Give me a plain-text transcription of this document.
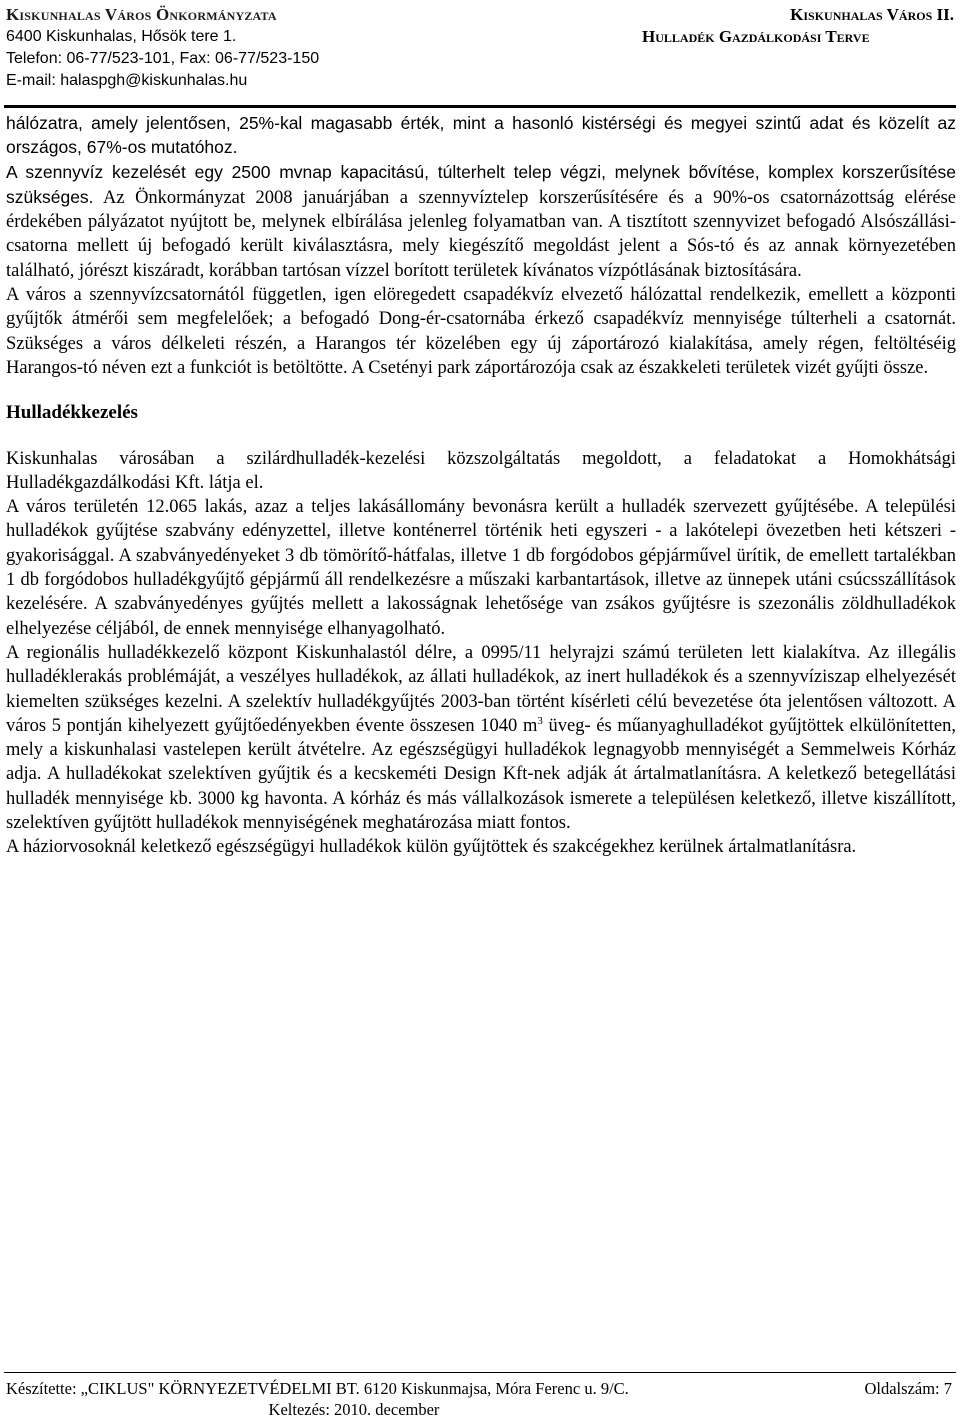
Kiskunhalas Város Önkormányzata
6400 Kiskunhalas, Hősök tere 1.
Telefon: 06-77/523-101, Fax: 06-77/523-150
E-mail: halaspgh@kiskunhalas.hu
Kiskunhalas Város II.
Hulladék Gazdálkodási Terve

hálózatra, amely jelentősen, 25%-kal magasabb érték, mint a hasonló kistérségi és megyei szintű adat és közelít az országos, 67%-os mutatóhoz.

A szennyvíz kezelését egy 2500 mvnap kapacitású, túlterhelt telep végzi, melynek bővítése, komplex korszerűsítése szükséges. Az Önkormányzat 2008 januárjában a szennyvíztelep korszerűsítésére és a 90%-os csatornázottság elérése érdekében pályázatot nyújtott be, melynek elbírálása jelenleg folyamatban van. A tisztított szennyvizet befogadó Alsószállási-csatorna mellett új befogadó került kiválasztásra, mely kiegészítő megoldást jelent a Sós-tó és az annak környezetében található, jórészt kiszáradt, korábban tartósan vízzel borított területek kívánatos vízpótlásának biztosítására.

A város a szennyvízcsatornától független, igen elöregedett csapadékvíz elvezető hálózattal rendelkezik, emellett a központi gyűjtők átmérői sem megfelelőek; a befogadó Dong-ér-csatornába érkező csapadékvíz mennyisége túlterheli a csatornát. Szükséges a város délkeleti részén, a Harangos tér közelében egy új záportározó kialakítása, amely régen, feltöltéséig Harangos-tó néven ezt a funkciót is betöltötte. A Csetényi park záportározója csak az északkeleti területek vizét gyűjti össze.

Hulladékkezelés

Kiskunhalas városában a szilárdhulladék-kezelési közszolgáltatás megoldott, a feladatokat a Homokhátsági Hulladékgazdálkodási Kft. látja el.

A város területén 12.065 lakás, azaz a teljes lakásállomány bevonásra került a hulladék szervezett gyűjtésébe. A települési hulladékok gyűjtése szabvány edényzettel, illetve konténerrel történik heti egyszeri - a lakótelepi övezetben heti kétszeri - gyakorisággal. A szabványedényeket 3 db tömörítő-hátfalas, illetve 1 db forgódobos gépjárművel ürítik, de emellett tartalékban 1 db forgódobos hulladékgyűjtő gépjármű áll rendelkezésre a műszaki karbantartások, illetve az ünnepek utáni csúcsszállítások kezelésére. A szabványedényes gyűjtés mellett a lakosságnak lehetősége van zsákos gyűjtésre is szezonális zöldhulladékok elhelyezése céljából, de ennek mennyisége elhanyagolható.

A regionális hulladékkezelő központ Kiskunhalastól délre, a 0995/11 helyrajzi számú területen lett kialakítva. Az illegális hulladéklerakás problémáját, a veszélyes hulladékok, az állati hulladékok, az inert hulladékok és a szennyvíziszap elhelyezését kiemelten szükséges kezelni. A szelektív hulladékgyűjtés 2003-ban történt kísérleti célú bevezetése óta jelentősen változott. A város 5 pontján kihelyezett gyűjtőedényekben évente összesen 1040 $m^3$ üveg- és műanyaghulladékot gyűjtöttek elkülönítetten, mely a kiskunhalasi vastelepen került átvételre. Az egészségügyi hulladékok legnagyobb mennyiségét a Semmelweis Kórház adja. A hulladékokat szelektíven gyűjtik és a kecskeméti Design Kft-nek adják át ártalmatlanításra. A keletkező betegellátási hulladék mennyisége kb. 3000 kg havonta. A kórház és más vállalkozások ismerete a településen keletkező, illetve kiszállított, szelektíven gyűjtött hulladékok mennyiségének meghatározása miatt fontos.

A háziorvosoknál keletkező egészségügyi hulladékok külön gyűjtöttek és szakcégekhez kerülnek ártalmatlanításra.

Készítette: „CIKLUS" KÖRNYEZETVÉDELMI BT. 6120 Kiskunmajsa, Móra Ferenc u. 9/C.	Oldalszám: 7
Keltezés: 2010. december
